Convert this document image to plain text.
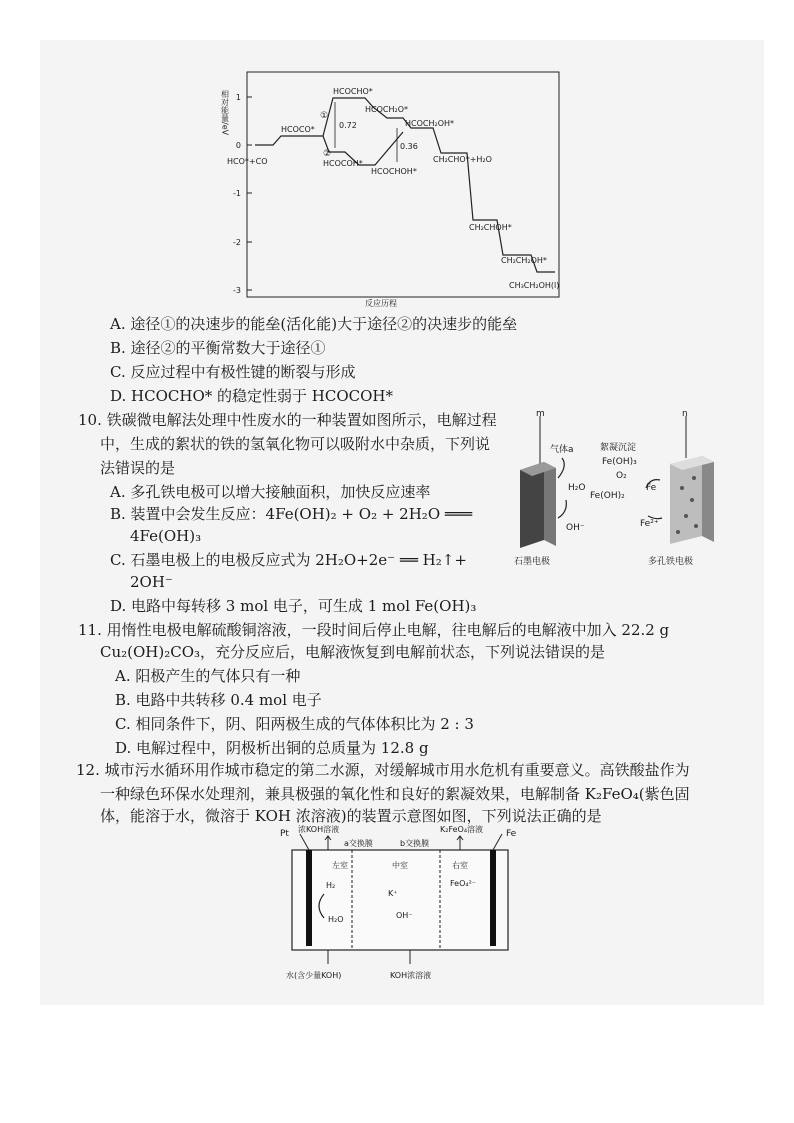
1
0
-1
-2
-3
相对能量/eV
HCO*+CO
HCOCO*
HCOCHO*
HCOCH₂O*
HCOCOH*
HCOCHOH*
HCOCH₂OH*
CH₂CHO*+H₂O
CH₂CHOH*
CH₂CH₂OH*
CH₃CH₂OH(l)
①
②
0.72
0.36
反应历程
A. 途径①的决速步的能垒(活化能)大于途径②的决速步的能垒
B. 途径②的平衡常数大于途径①
C. 反应过程中有极性键的断裂与形成
D. HCOCHO* 的稳定性弱于 HCOCOH*
10. 铁碳微电解法处理中性废水的一种装置如图所示，电解过程
中，生成的絮状的铁的氢氧化物可以吸附水中杂质，下列说
法错误的是
A. 多孔铁电极可以增大接触面积，加快反应速率
B. 装置中会发生反应：4Fe(OH)₂ + O₂ + 2H₂O ═══
4Fe(OH)₃
C. 石墨电极上的电极反应式为 2H₂O+2e⁻ ══ H₂↑+
2OH⁻
D. 电路中每转移 3 mol 电子，可生成 1 mol Fe(OH)₃
m	n
气体a	絮凝沉淀
Fe(OH)₃
O₂
H₂O
Fe(OH)₂
Fe
OH⁻	Fe²⁺
石墨电极	多孔铁电极
11. 用惰性电极电解硫酸铜溶液，一段时间后停止电解，往电解后的电解液中加入 22.2 g
Cu₂(OH)₂CO₃，充分反应后，电解液恢复到电解前状态，下列说法错误的是
A. 阳极产生的气体只有一种
B. 电路中共转移 0.4 mol 电子
C. 相同条件下，阴、阳两极生成的气体体积比为 2 : 3
D. 电解过程中，阴极析出铜的总质量为 12.8 g
12. 城市污水循环用作城市稳定的第二水源，对缓解城市用水危机有重要意义。高铁酸盐作为
一种绿色环保水处理剂，兼具极强的氧化性和良好的絮凝效果，电解制备 K₂FeO₄(紫色固
体，能溶于水，微溶于 KOH 浓溶液)的装置示意图如图，下列说法正确的是
Pt	Fe
浓KOH溶液
a交换膜	b交换膜
K₂FeO₄溶液
左室	中室	右室
H₂
H₂O
K⁺
OH⁻
FeO₄²⁻
水(含少量KOH)	KOH浓溶液
